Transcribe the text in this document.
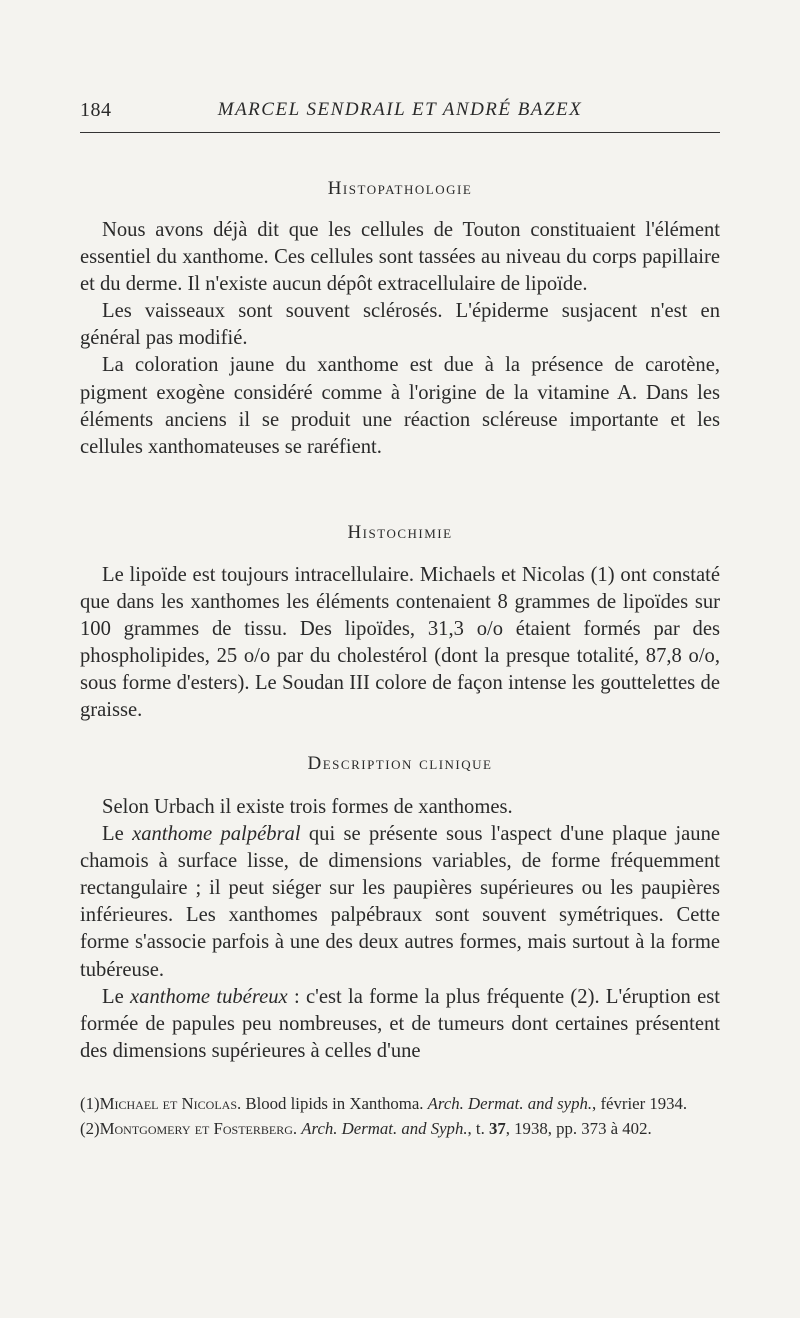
184	MARCEL SENDRAIL ET ANDRÉ BAZEX
Histopathologie

Nous avons déjà dit que les cellules de Touton constituaient l'élément essentiel du xanthome. Ces cellules sont tassées au niveau du corps papillaire et du derme. Il n'existe aucun dépôt extracellulaire de lipoïde.

Les vaisseaux sont souvent sclérosés. L'épiderme susjacent n'est en général pas modifié.

La coloration jaune du xanthome est due à la présence de carotène, pigment exogène considéré comme à l'origine de la vitamine A. Dans les éléments anciens il se produit une réaction scléreuse importante et les cellules xanthomateuses se raréfient.

Histochimie

Le lipoïde est toujours intracellulaire. Michaels et Nicolas (1) ont constaté que dans les xanthomes les éléments contenaient 8 grammes de lipoïdes sur 100 grammes de tissu. Des lipoïdes, 31,3 o/o étaient formés par des phospholipides, 25 o/o par du cholestérol (dont la presque totalité, 87,8 o/o, sous forme d'esters). Le Soudan III colore de façon intense les gouttelettes de graisse.

Description clinique

Selon Urbach il existe trois formes de xanthomes.

Le xanthome palpébral qui se présente sous l'aspect d'une plaque jaune chamois à surface lisse, de dimensions variables, de forme fréquemment rectangulaire ; il peut siéger sur les paupières supérieures ou les paupières inférieures. Les xanthomes palpébraux sont souvent symétriques. Cette forme s'associe parfois à une des deux autres formes, mais surtout à la forme tubéreuse.

Le xanthome tubéreux : c'est la forme la plus fréquente (2). L'éruption est formée de papules peu nombreuses, et de tumeurs dont certaines présentent des dimensions supérieures à celles d'une

(1)Michael et Nicolas. Blood lipids in Xanthoma. Arch. Dermat. and syph., février 1934.

(2)Montgomery et Fosterberg. Arch. Dermat. and Syph., t. 37, 1938, pp. 373 à 402.
